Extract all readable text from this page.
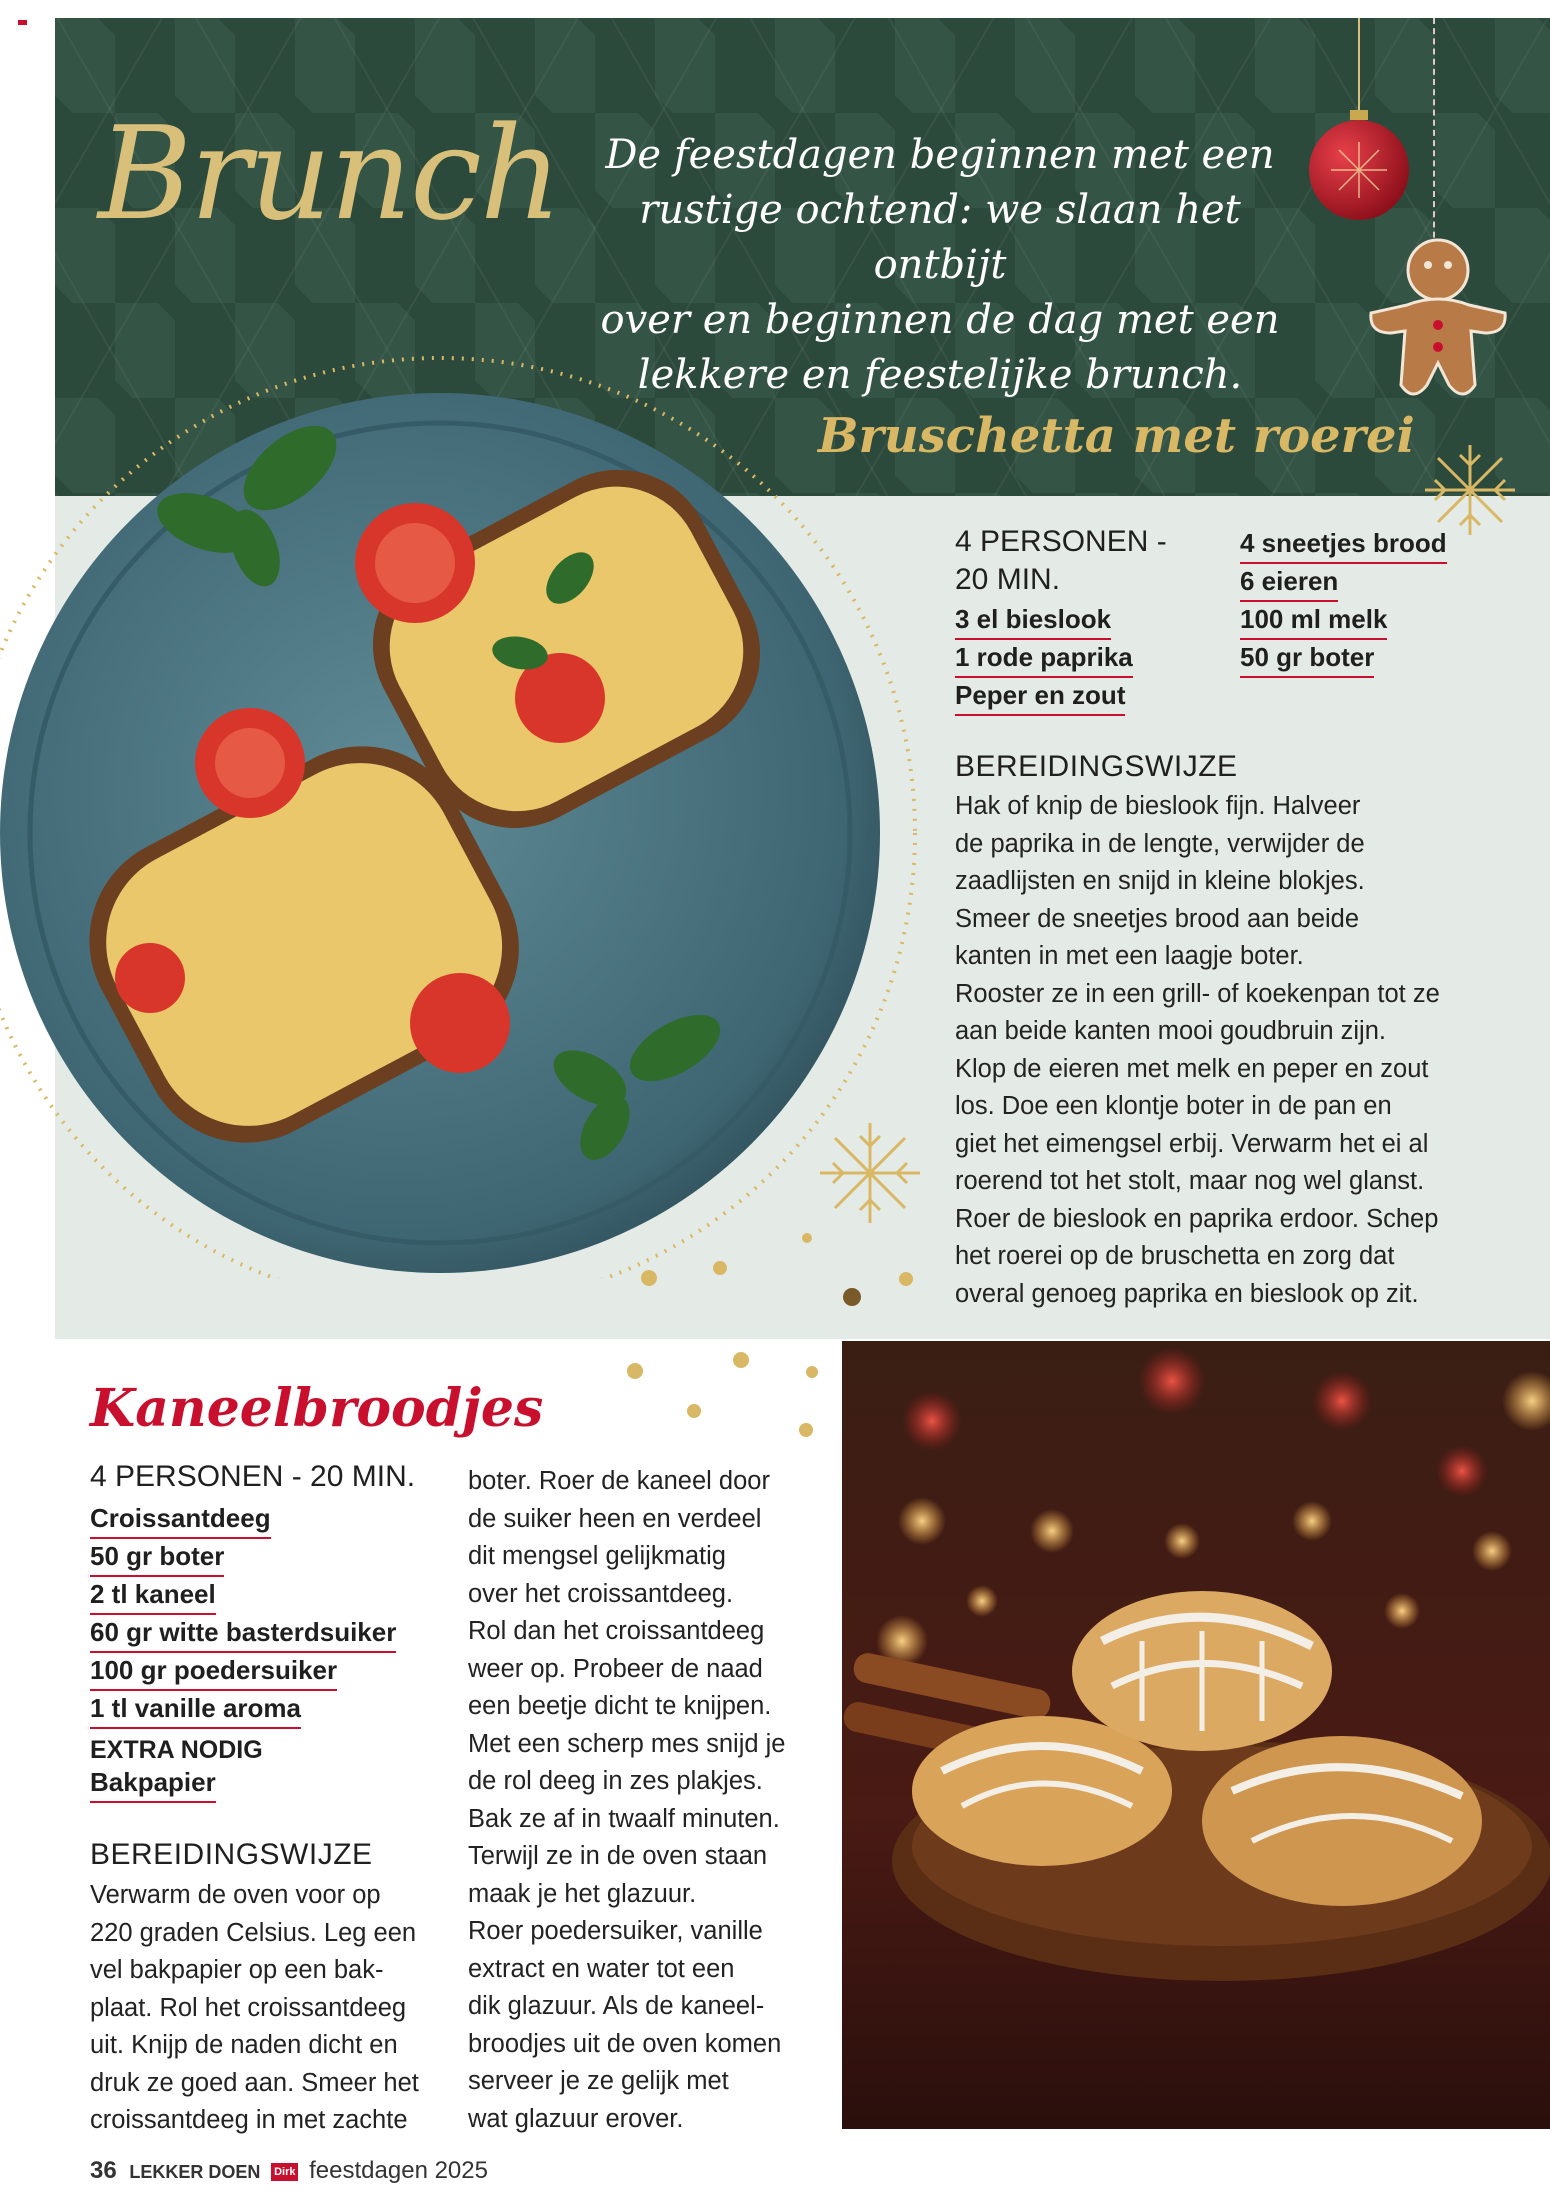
Brunch De feestdagen beginnen met een
rustige ochtend: we slaan het ontbijt
over en beginnen de dag met een
lekkere en feestelijke brunch.
Bruschetta met roerei
4 PERSONEN -
20 MIN.
3 el bieslook
1 rode paprika
Peper en zout
4 sneetjes brood
6 eieren
100 ml melk
50 gr boter
BEREIDINGSWIJZE
Hak of knip de bieslook fijn. Halveer
de paprika in de lengte, verwijder de
zaadlijsten en snijd in kleine blokjes.
Smeer de sneetjes brood aan beide
kanten in met een laagje boter.
Rooster ze in een grill- of koekenpan tot ze
aan beide kanten mooi goudbruin zijn.
Klop de eieren met melk en peper en zout
los. Doe een klontje boter in de pan en
giet het eimengsel erbij. Verwarm het ei al
roerend tot het stolt, maar nog wel glanst.
Roer de bieslook en paprika erdoor. Schep
het roerei op de bruschetta en zorg dat
overal genoeg paprika en bieslook op zit.
Kaneelbroodjes
4 PERSONEN - 20 MIN.
Croissantdeeg
50 gr boter
2 tl kaneel
60 gr witte basterdsuiker
100 gr poedersuiker
1 tl vanille aroma
EXTRA NODIG
Bakpapier
BEREIDINGSWIJZE
Verwarm de oven voor op
220 graden Celsius. Leg een
vel bakpapier op een bak-
plaat. Rol het croissantdeeg
uit. Knijp de naden dicht en
druk ze goed aan. Smeer het
croissantdeeg in met zachte
boter. Roer de kaneel door
de suiker heen en verdeel
dit mengsel gelijkmatig
over het croissantdeeg.
Rol dan het croissantdeeg
weer op. Probeer de naad
een beetje dicht te knijpen.
Met een scherp mes snijd je
de rol deeg in zes plakjes.
Bak ze af in twaalf minuten.
Terwijl ze in de oven staan
maak je het glazuur.
Roer poedersuiker, vanille
extract en water tot een
dik glazuur. Als de kaneel-
broodjes uit de oven komen
serveer je ze gelijk met
wat glazuur erover.
36 LEKKER DOEN Dirk feestdagen 2025
